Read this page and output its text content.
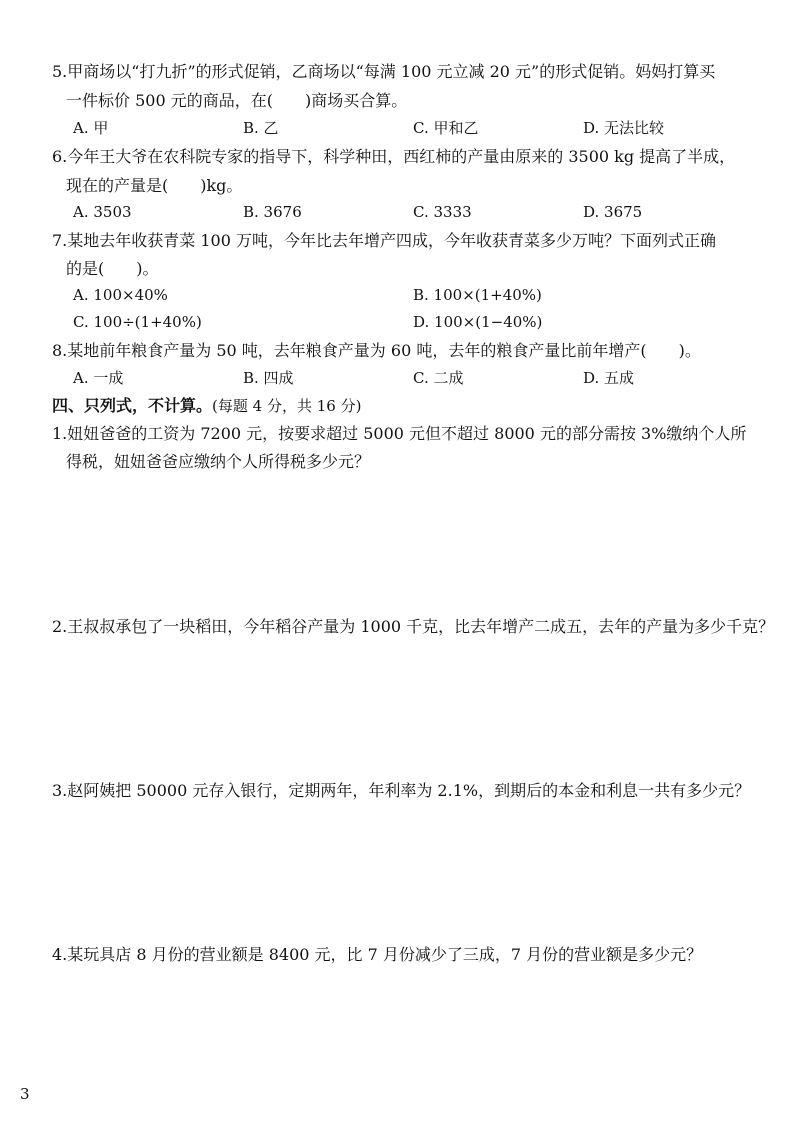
5.甲商场以“打九折”的形式促销，乙商场以“每满 100 元立减 20 元”的形式促销。妈妈打算买
一件标价 500 元的商品，在(　　)商场买合算。
A. 甲	B. 乙	C. 甲和乙	D. 无法比较
6.今年王大爷在农科院专家的指导下，科学种田，西红柿的产量由原来的 3500 kg 提高了半成，
现在的产量是(　　)kg。
A. 3503	B. 3676	C. 3333	D. 3675
7.某地去年收获青菜 100 万吨，今年比去年增产四成，今年收获青菜多少万吨？下面列式正确
的是(　　)。
A. 100×40%	B. 100×(1+40%)
C. 100÷(1+40%)	D. 100×(1−40%)
8.某地前年粮食产量为 50 吨，去年粮食产量为 60 吨，去年的粮食产量比前年增产(　　)。
A. 一成	B. 四成	C. 二成	D. 五成
四、只列式，不计算。(每题 4 分，共 16 分)
1.妞妞爸爸的工资为 7200 元，按要求超过 5000 元但不超过 8000 元的部分需按 3%缴纳个人所
得税，妞妞爸爸应缴纳个人所得税多少元？
2.王叔叔承包了一块稻田，今年稻谷产量为 1000 千克，比去年增产二成五，去年的产量为多少千克？
3.赵阿姨把 50000 元存入银行，定期两年，年利率为 2.1%，到期后的本金和利息一共有多少元？
4.某玩具店 8 月份的营业额是 8400 元，比 7 月份减少了三成，7 月份的营业额是多少元？
3
